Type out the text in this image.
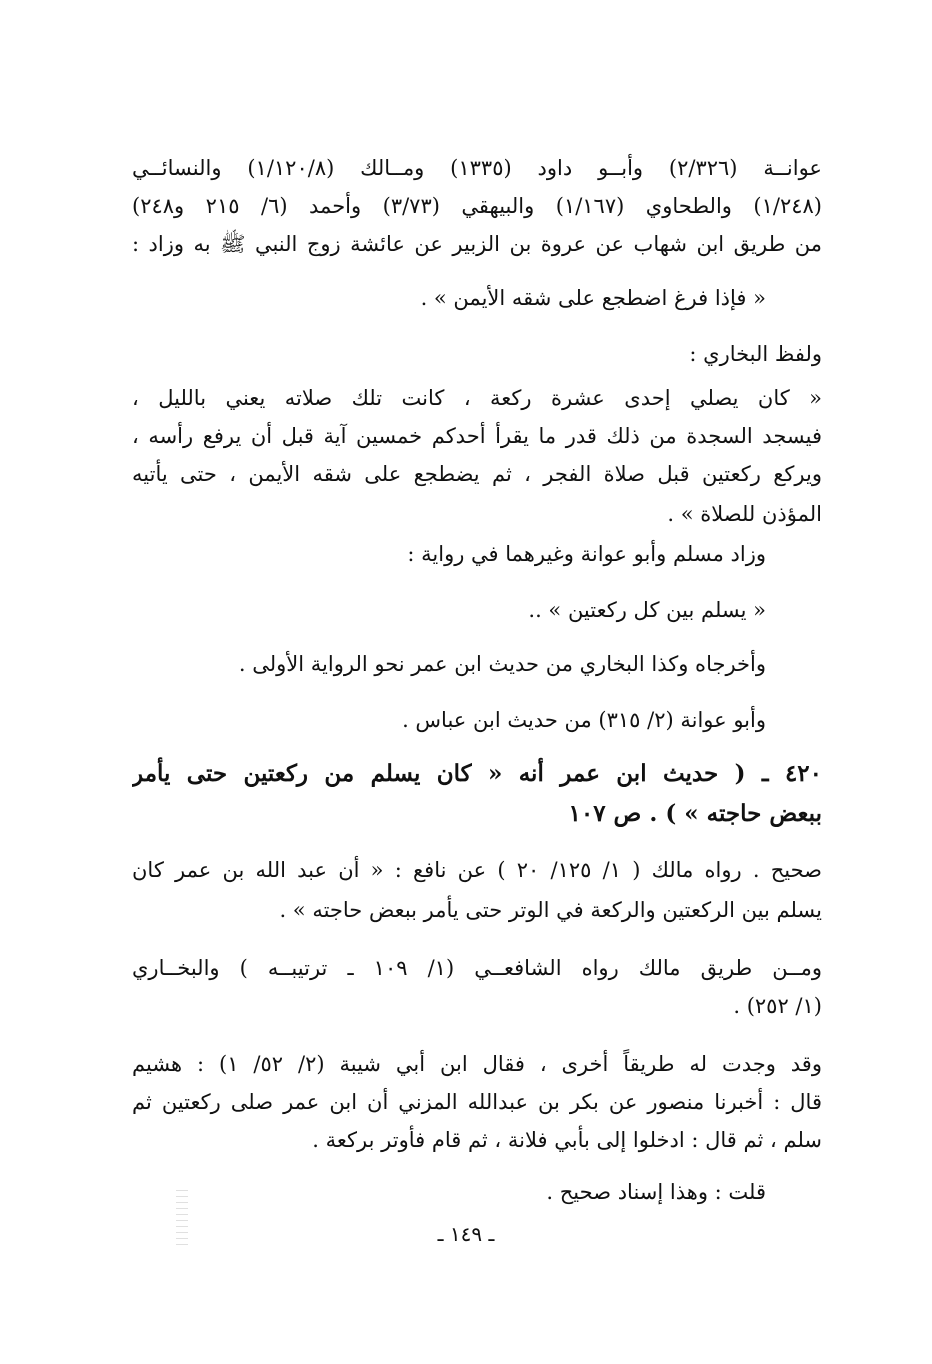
عوانــة (٢/٣٢٦) وأبــو داود (١٣٣٥) ومــالك (١/١٢٠/٨) والنسائــي
(١/٢٤٨) والطحاوي (١/١٦٧) والبيهقي (٣/٧٣) وأحمد (٦/ ٢١٥ و٢٤٨)
من طريق ابن شهاب عن عروة بن الزبير عن عائشة زوج النبي ﷺ به وزاد :
« فإذا فرغ اضطجع على شقه الأيمن » .
ولفظ البخاري :
« كان يصلي إحدى عشرة ركعة ، كانت تلك صلاته يعني بالليل ،
فيسجد السجدة من ذلك قدر ما يقرأ أحدكم خمسين آية قبل أن يرفع رأسه ،
ويركع ركعتين قبل صلاة الفجر ، ثم يضطجع على شقه الأيمن ، حتى يأتيه
المؤذن للصلاة » .
وزاد مسلم وأبو عوانة وغيرهما في رواية :
« يسلم بين كل ركعتين » ..
وأخرجاه وكذا البخاري من حديث ابن عمر نحو الرواية الأولى .
وأبو عوانة (٢/ ٣١٥) من حديث ابن عباس .
٤٢٠ ـ ( حديث ابن عمر أنه « كان يسلم من ركعتين حتى يأمر
ببعض حاجته » ) . ص ١٠٧
صحيح . رواه مالك ( ١/ ١٢٥/ ٢٠ ) عن نافع : « أن عبد الله بن عمر كان
يسلم بين الركعتين والركعة في الوتر حتى يأمر ببعض حاجته » .
ومــن طريق مالك رواه الشافعــي (١/ ١٠٩ ـ ترتيبــه ) والبخــاري
(١/ ٢٥٢) .
وقد وجدت له طريقاً أخرى ، فقال ابن أبي شيبة (٢/ ٥٢/ ١) : هشيم
قال : أخبرنا منصور عن بكر بن عبدالله المزني أن ابن عمر صلى ركعتين ثم
سلم ، ثم قال : ادخلوا إلى بأبي فلانة ، ثم قام فأوتر بركعة .
قلت : وهذا إسناد صحيح .
ـ ١٤٩ ـ
